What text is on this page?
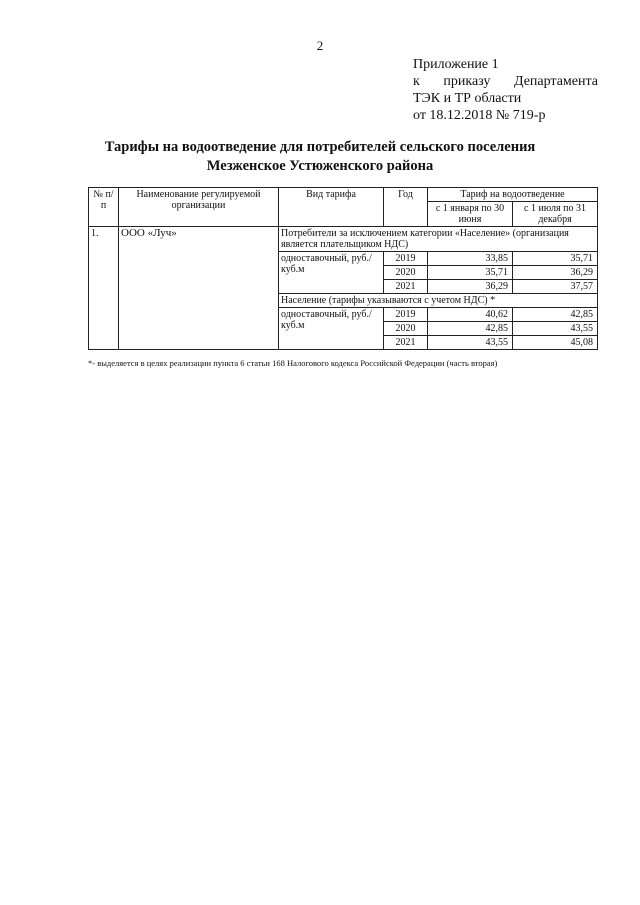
2
Приложение 1
к приказу Департамента
ТЭК и ТР области
от 18.12.2018 № 719-р
Тарифы на водоотведение для потребителей сельского поселения
Мезженское Устюженского района
№ п/п	Наименование регулируемой организации	Вид тарифа	Год	Тариф на водоотведение	
				с 1 января по 30 июня	с 1 июля по 31 декабря
1.	ООО «Луч»	Потребители за исключением категории «Население» (организация является плательщиком НДС)			
		одноставочный, руб./куб.м	2019	33,85	35,71
			2020	35,71	36,29
			2021	36,29	37,57
		Население (тарифы указываются с учетом НДС) *			
		одноставочный, руб./куб.м	2019	40,62	42,85
			2020	42,85	43,55
			2021	43,55	45,08
*- выделяется в целях реализации пункта 6 статьи 168 Налогового кодекса Российской Федерации (часть вторая)
